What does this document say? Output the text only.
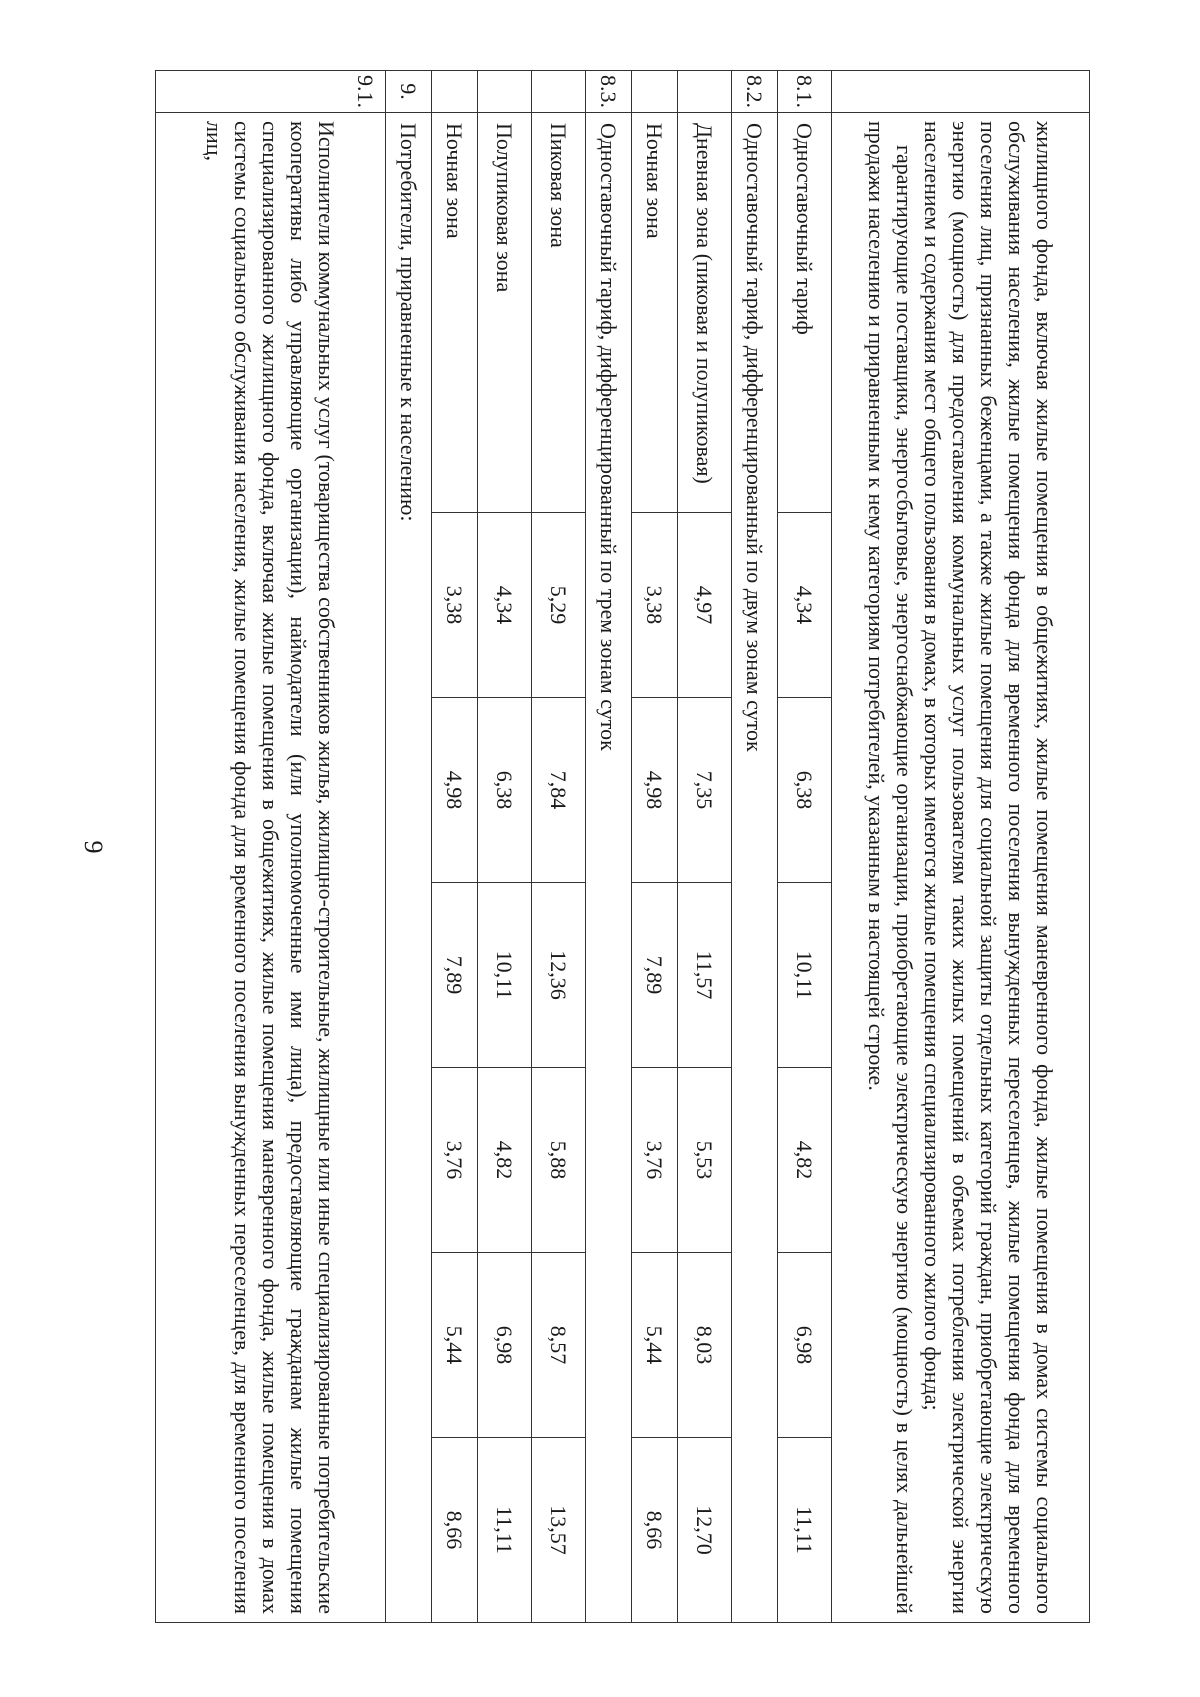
9

	жилищного фонда, включая жилые помещения в общежитиях, жилые помещения маневренного фонда, жилые помещения в домах системы социального обслуживания населения, жилые помещения фонда для временного поселения вынужденных переселенцев, жилые помещения фонда для временного поселения лиц, признанных беженцами, а также жилые помещения для социальной защиты отдельных категорий граждан, приобретающие электрическую энергию (мощность) для предоставления коммунальных услуг пользователям таких жилых помещений в объемах потребления электрической энергии населением и содержания мест общего пользования в домах, в которых имеются жилые помещения специализированного жилого фонда;
гарантирующие поставщики, энергосбытовые, энергоснабжающие организации, приобретающие электрическую энергию (мощность) в целях дальнейшей продажи населению и приравненным к нему категориям потребителей, указанным в настоящей строке.						

8.1.	Одноставочный тариф	4,34	6,38	10,11	4,82	6,98	11,11
8.2.	Одноставочный тариф, дифференцированный по двум зонам суток						
	Дневная зона (пиковая и полупиковая)	4,97	7,35	11,57	5,53	8,03	12,70
	Ночная зона	3,38	4,98	7,89	3,76	5,44	8,66
8.3.	Одноставочный тариф, дифференцированный по трем зонам суток						
	Пиковая зона	5,29	7,84	12,36	5,88	8,57	13,57
	Полупиковая зона	4,34	6,38	10,11	4,82	6,98	11,11
	Ночная зона	3,38	4,98	7,89	3,76	5,44	8,66
9.	Потребители, приравненные к населению:						
9.1.	Исполнители коммунальных услуг (товарищества собственников жилья, жилищно-строительные, жилищные или иные специализированные потребительские кооперативы либо управляющие организации), наймодатели (или уполномоченные ими лица), предоставляющие гражданам жилые помещения специализированного жилищного фонда, включая жилые помещения в общежитиях, жилые помещения маневренного фонда, жилые помещения в домах системы социального обслуживания населения, жилые помещения фонда для временного поселения вынужденных переселенцев, для временного поселения лиц,						
